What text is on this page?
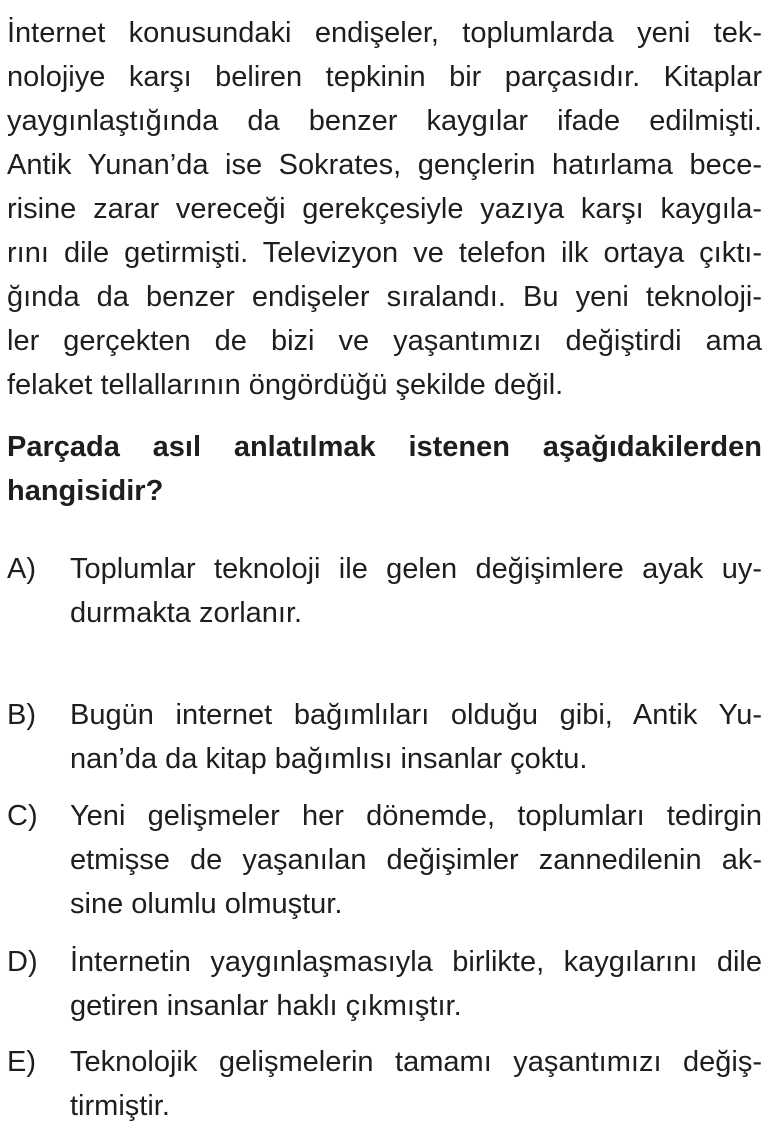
İnternet konusundaki endişeler, toplumlarda yeni tek-
nolojiye karşı beliren tepkinin bir parçasıdır. Kitaplar
yaygınlaştığında da benzer kaygılar ifade edilmişti.
Antik Yunan’da ise Sokrates, gençlerin hatırlama bece-
risine zarar vereceği gerekçesiyle yazıya karşı kaygıla-
rını dile getirmişti. Televizyon ve telefon ilk ortaya çıktı-
ğında da benzer endişeler sıralandı. Bu yeni teknoloji-
ler gerçekten de bizi ve yaşantımızı değiştirdi ama
felaket tellallarının öngördüğü şekilde değil.
Parçada asıl anlatılmak istenen aşağıdakilerden
hangisidir?
A) Toplumlar teknoloji ile gelen değişimlere ayak uy-
durmakta zorlanır.
B) Bugün internet bağımlıları olduğu gibi, Antik Yu-
nan’da da kitap bağımlısı insanlar çoktu.
C) Yeni gelişmeler her dönemde, toplumları tedirgin
etmişse de yaşanılan değişimler zannedilenin ak-
sine olumlu olmuştur.
D) İnternetin yaygınlaşmasıyla birlikte, kaygılarını dile
getiren insanlar haklı çıkmıştır.
E) Teknolojik gelişmelerin tamamı yaşantımızı değiş-
tirmiştir.
